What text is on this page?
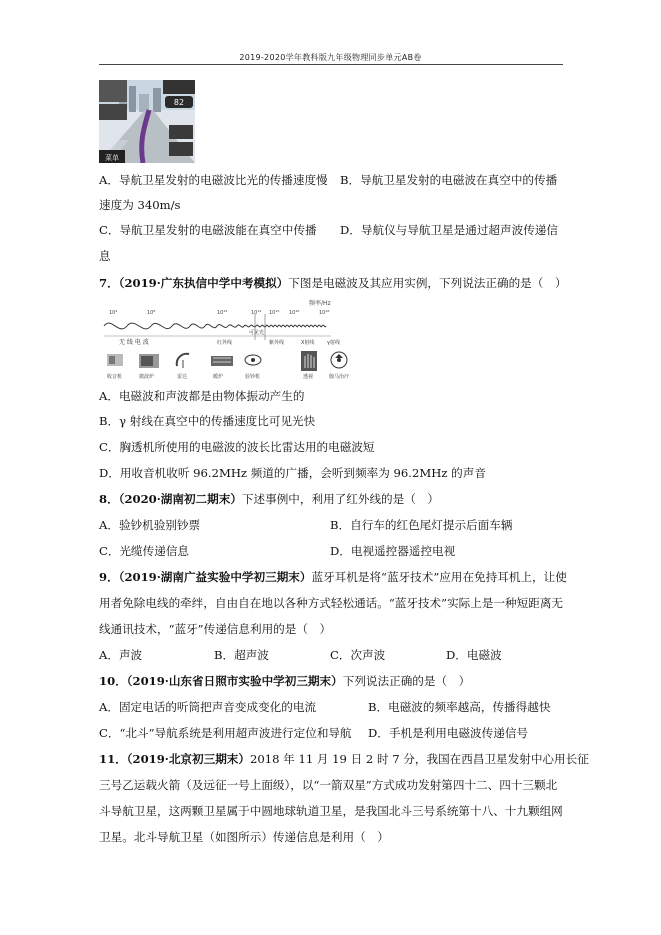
2019-2020学年教科版九年级物理同步单元AB卷
82
菜单
A．导航卫星发射的电磁波比光的传播速度慢 B．导航卫星发射的电磁波在真空中的传播
速度为 340m/s
C．导航卫星发射的电磁波能在真空中传播 D．导航仪与导航卫星是通过超声波传递信
息
7．（2019·广东执信中学中考模拟）下图是电磁波及其应用实例，下列说法正确的是（　）
频率/Hz
10⁴	10⁸	10¹²	10¹⁴ 10¹⁵ 10¹⁶	10¹⁸
无 线 电 波	红外线
可见光
紫外线	X射线	γ射线
收音机	微波炉	雷达	暖炉	验钞机	透视	伽马治疗
A．电磁波和声波都是由物体振动产生的
B．γ 射线在真空中的传播速度比可见光快
C．胸透机所使用的电磁波的波长比雷达用的电磁波短
D．用收音机收听 96.2MHz 频道的广播，会听到频率为 96.2MHz 的声音
8．（2020·湖南初二期末）下述事例中，利用了红外线的是（　）
A．验钞机验别钞票	B．自行车的红色尾灯提示后面车辆
C．光缆传递信息	D．电视遥控器遥控电视
9．（2019·湖南广益实验中学初三期末）蓝牙耳机是将“蓝牙技术”应用在免持耳机上，让使
用者免除电线的牵绊，自由自在地以各种方式轻松通话。“蓝牙技术”实际上是一种短距离无
线通讯技术，“蓝牙”传递信息利用的是（　）
A．声波	B．超声波	C．次声波	D．电磁波
10．（2019·山东省日照市实验中学初三期末）下列说法正确的是（　）
A．固定电话的听筒把声音变成变化的电流	B．电磁波的频率越高，传播得越快
C．“北斗”导航系统是利用超声波进行定位和导航 D．手机是利用电磁波传递信号
11．（2019·北京初三期末）2018 年 11 月 19 日 2 时 7 分，我国在西昌卫星发射中心用长征
三号乙运载火箭（及远征一号上面级），以“一箭双星”方式成功发射第四十二、四十三颗北
斗导航卫星，这两颗卫星属于中圆地球轨道卫星，是我国北斗三号系统第十八、十九颗组网
卫星。北斗导航卫星（如图所示）传递信息是利用（　）
